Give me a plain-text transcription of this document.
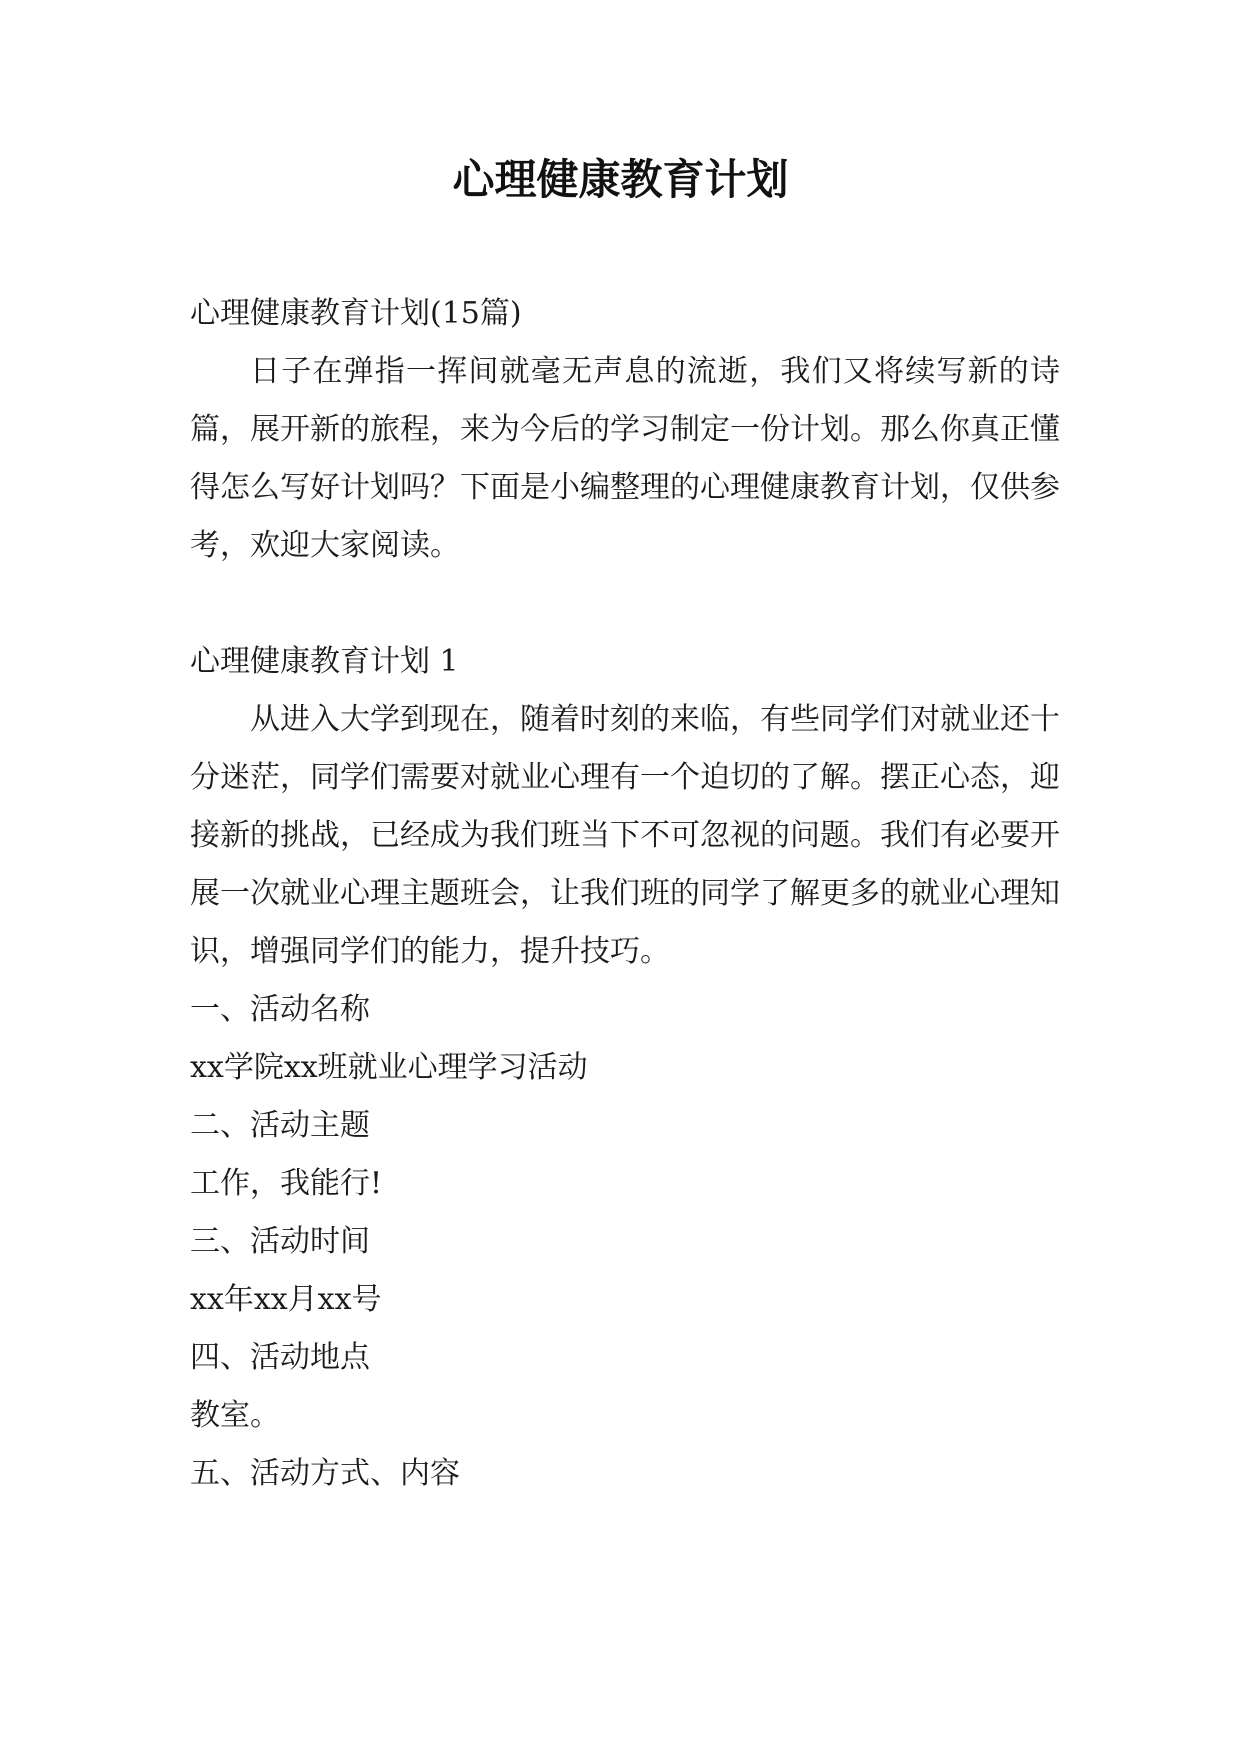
心理健康教育计划

心理健康教育计划(15篇)

日子在弹指一挥间就毫无声息的流逝，我们又将续写新的诗篇，展开新的旅程，来为今后的学习制定一份计划。那么你真正懂得怎么写好计划吗？下面是小编整理的心理健康教育计划，仅供参考，欢迎大家阅读。

心理健康教育计划 1

从进入大学到现在，随着时刻的来临，有些同学们对就业还十分迷茫，同学们需要对就业心理有一个迫切的了解。摆正心态，迎接新的挑战，已经成为我们班当下不可忽视的问题。我们有必要开展一次就业心理主题班会，让我们班的同学了解更多的就业心理知识，增强同学们的能力，提升技巧。

一、活动名称

xx学院xx班就业心理学习活动

二、活动主题

工作，我能行!

三、活动时间

xx年xx月xx号

四、活动地点

教室。

五、活动方式、内容
